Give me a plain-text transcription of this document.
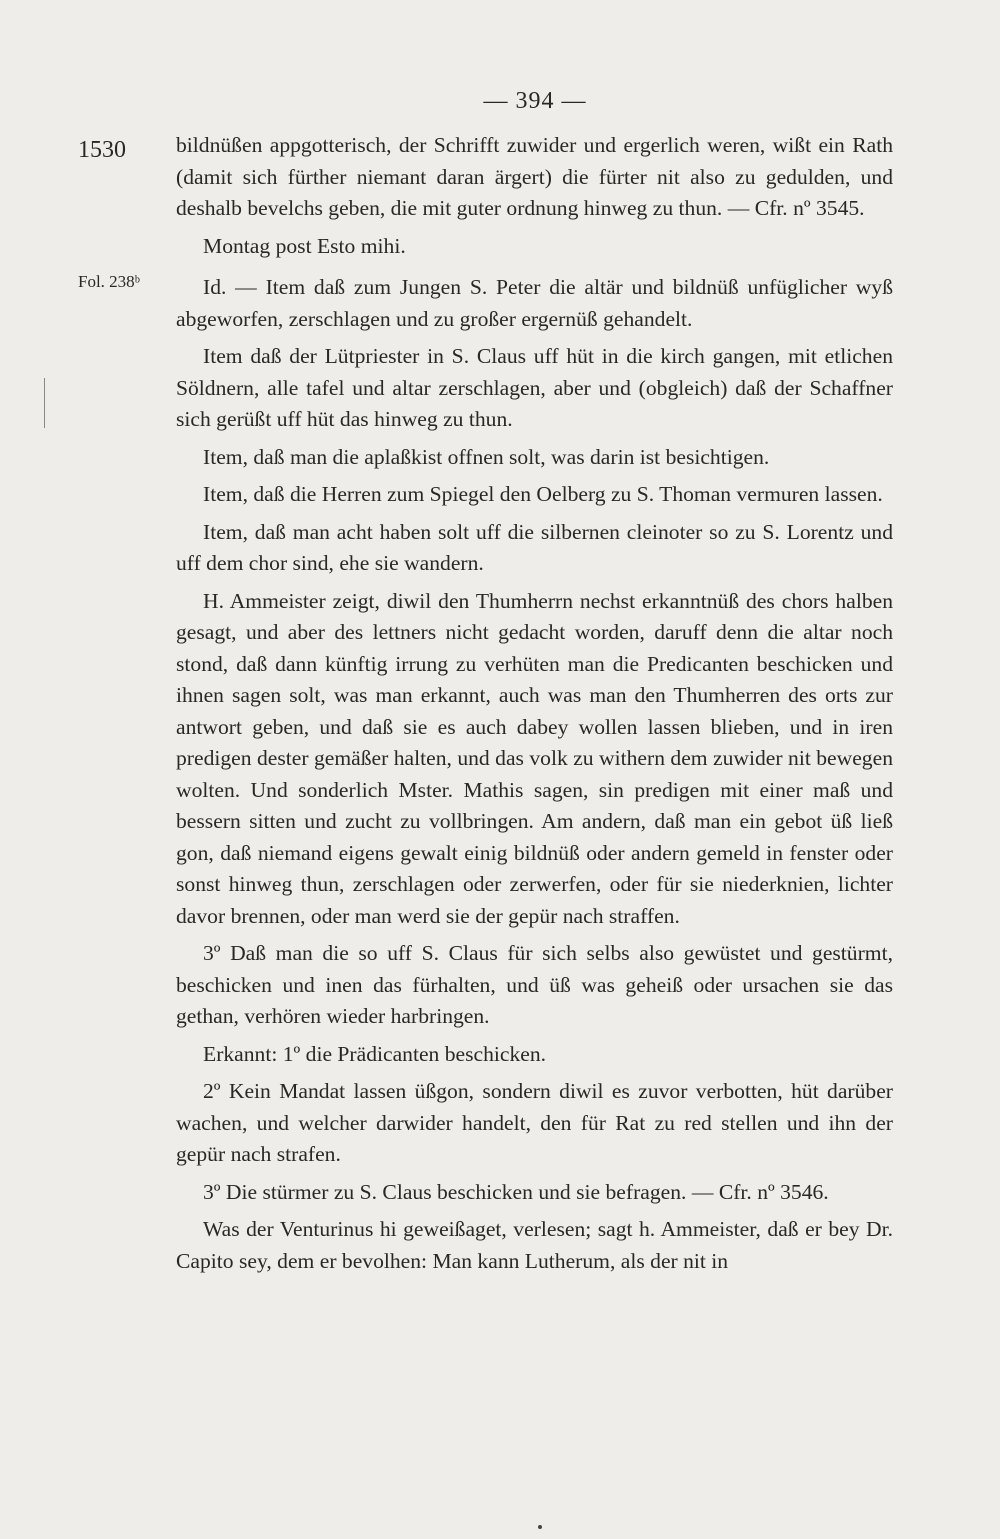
— 394 —
1530
Fol. 238ᵇ

bildnüßen appgotterisch, der Schrifft zuwider und ergerlich weren, wißt ein Rath (damit sich fürther niemant daran ärgert) die fürter nit also zu gedulden, und deshalb bevelchs geben, die mit guter ordnung hinweg zu thun. — Cfr. nº 3545.

Montag post Esto mihi.

Id. — Item daß zum Jungen S. Peter die altär und bildnüß unfüglicher wyß abgeworfen, zerschlagen und zu großer ergernüß gehandelt.

Item daß der Lütpriester in S. Claus uff hüt in die kirch gangen, mit etlichen Söldnern, alle tafel und altar zerschlagen, aber und (obgleich) daß der Schaffner sich gerüßt uff hüt das hinweg zu thun.

Item, daß man die aplaßkist offnen solt, was darin ist besichtigen.

Item, daß die Herren zum Spiegel den Oelberg zu S. Thoman vermuren lassen.

Item, daß man acht haben solt uff die silbernen cleinoter so zu S. Lorentz und uff dem chor sind, ehe sie wandern.

H. Ammeister zeigt, diwil den Thumherrn nechst erkanntnüß des chors halben gesagt, und aber des lettners nicht gedacht worden, daruff denn die altar noch stond, daß dann künftig irrung zu verhüten man die Predicanten beschicken und ihnen sagen solt, was man erkannt, auch was man den Thumherren des orts zur antwort geben, und daß sie es auch dabey wollen lassen blieben, und in iren predigen dester gemäßer halten, und das volk zu withern dem zuwider nit bewegen wolten. Und sonderlich Mster. Mathis sagen, sin predigen mit einer maß und bessern sitten und zucht zu vollbringen. Am andern, daß man ein gebot üß ließ gon, daß niemand eigens gewalt einig bildnüß oder andern gemeld in fenster oder sonst hinweg thun, zerschlagen oder zerwerfen, oder für sie niederknien, lichter davor brennen, oder man werd sie der gepür nach straffen.

3º Daß man die so uff S. Claus für sich selbs also gewüstet und gestürmt, beschicken und inen das fürhalten, und üß was geheiß oder ursachen sie das gethan, verhören wieder harbringen.

Erkannt: 1º die Prädicanten beschicken.

2º Kein Mandat lassen üßgon, sondern diwil es zuvor verbotten, hüt darüber wachen, und welcher darwider handelt, den für Rat zu red stellen und ihn der gepür nach strafen.

3º Die stürmer zu S. Claus beschicken und sie befragen. — Cfr. nº 3546.

Was der Venturinus hi geweißaget, verlesen; sagt h. Ammeister, daß er bey Dr. Capito sey, dem er bevolhen: Man kann Lutherum, als der nit in
